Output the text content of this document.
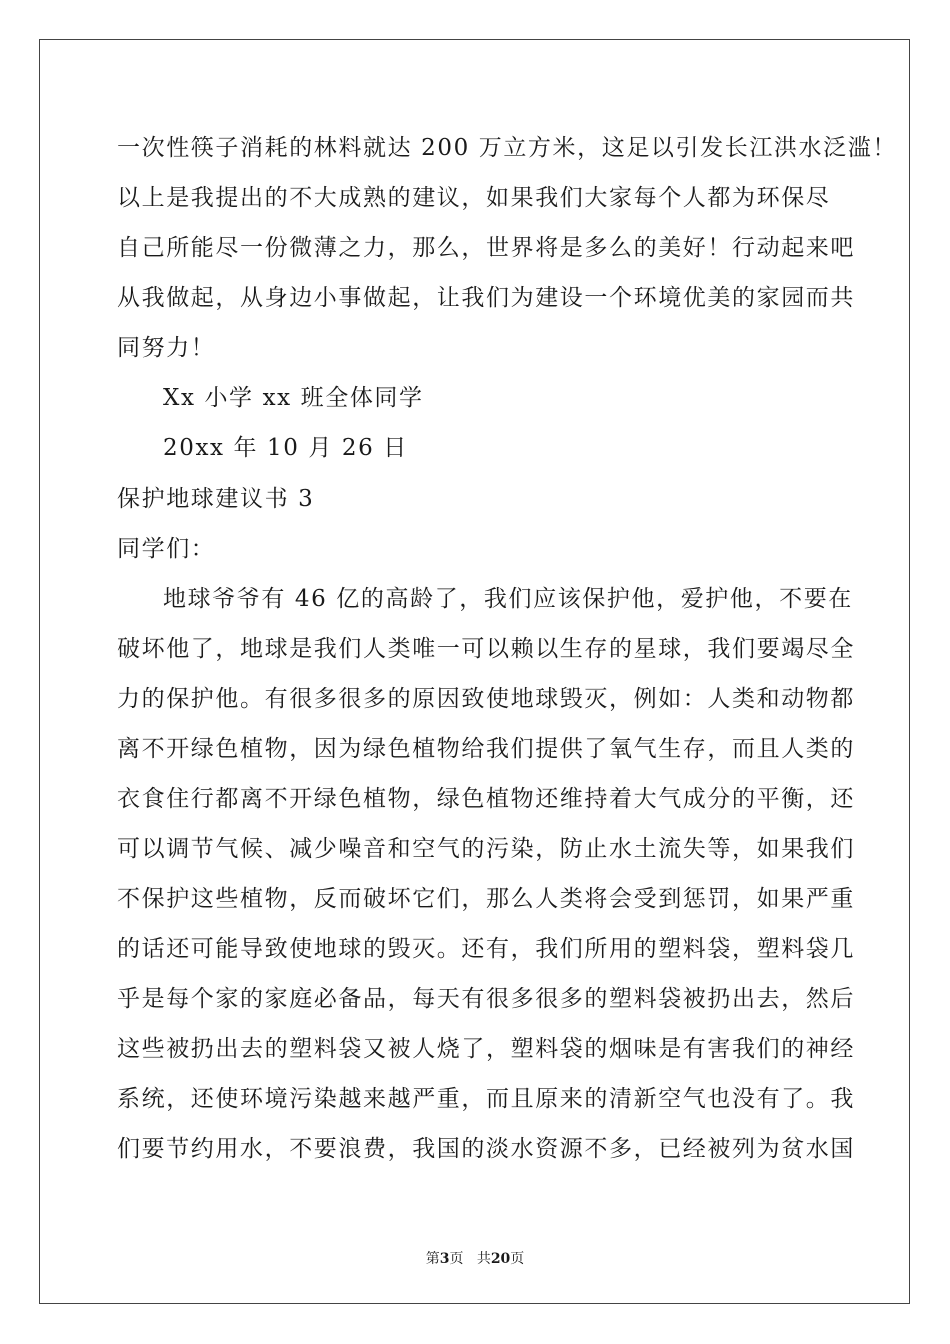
一次性筷子消耗的林料就达 200 万立方米，这足以引发长江洪水泛滥！
以上是我提出的不大成熟的建议，如果我们大家每个人都为环保尽
自己所能尽一份微薄之力，那么，世界将是多么的美好！行动起来吧
从我做起，从身边小事做起，让我们为建设一个环境优美的家园而共
同努力！
Xx 小学 xx 班全体同学
20xx 年 10 月 26 日
保护地球建议书 3
同学们：
地球爷爷有 46 亿的高龄了，我们应该保护他，爱护他，不要在
破坏他了，地球是我们人类唯一可以赖以生存的星球，我们要竭尽全
力的保护他。有很多很多的原因致使地球毁灭，例如：人类和动物都
离不开绿色植物，因为绿色植物给我们提供了氧气生存，而且人类的
衣食住行都离不开绿色植物，绿色植物还维持着大气成分的平衡，还
可以调节气候、减少噪音和空气的污染，防止水土流失等，如果我们
不保护这些植物，反而破坏它们，那么人类将会受到惩罚，如果严重
的话还可能导致使地球的毁灭。还有，我们所用的塑料袋，塑料袋几
乎是每个家的家庭必备品，每天有很多很多的塑料袋被扔出去，然后
这些被扔出去的塑料袋又被人烧了，塑料袋的烟味是有害我们的神经
系统，还使环境污染越来越严重，而且原来的清新空气也没有了。我
们要节约用水，不要浪费，我国的淡水资源不多，已经被列为贫水国
第3页 共20页
